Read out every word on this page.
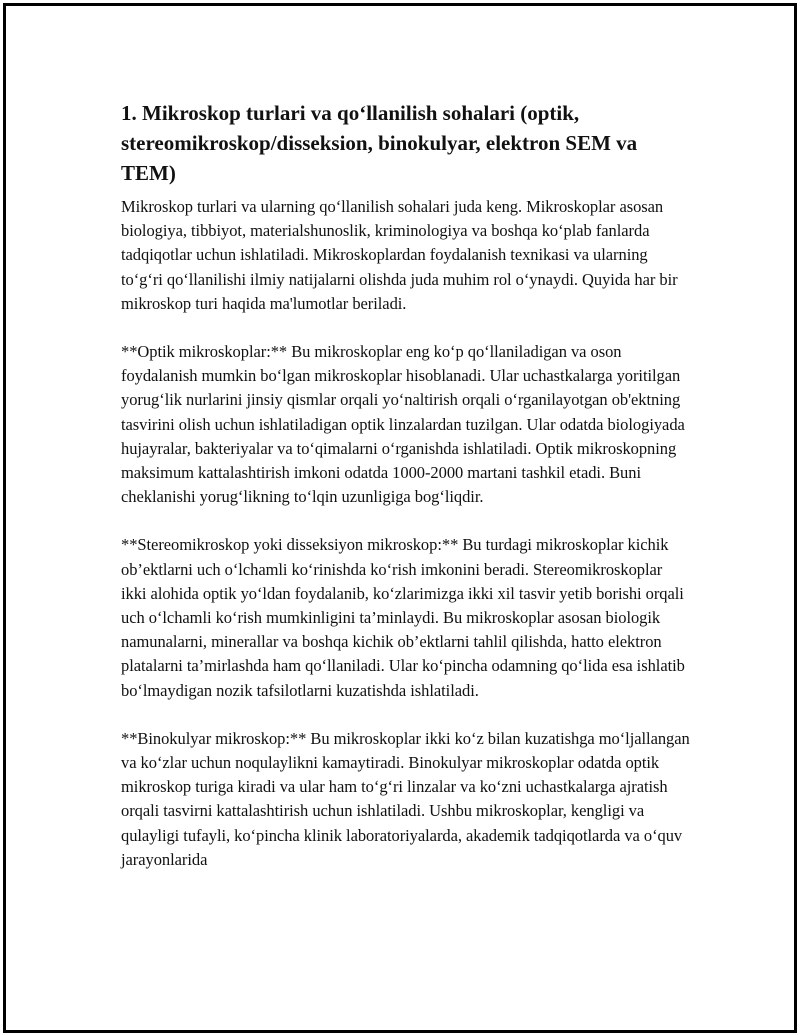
1. Mikroskop turlari va qo‘llanilish sohalari (optik, stereomikroskop/disseksion, binokulyar, elektron SEM va TEM)

Mikroskop turlari va ularning qo‘llanilish sohalari juda keng. Mikroskoplar asosan biologiya, tibbiyot, materialshunoslik, kriminologiya va boshqa ko‘plab fanlarda tadqiqotlar uchun ishlatiladi. Mikroskoplardan foydalanish texnikasi va ularning to‘g‘ri qo‘llanilishi ilmiy natijalarni olishda juda muhim rol o‘ynaydi. Quyida har bir mikroskop turi haqida ma'lumotlar beriladi.

**Optik mikroskoplar:** Bu mikroskoplar eng ko‘p qo‘llaniladigan va oson foydalanish mumkin bo‘lgan mikroskoplar hisoblanadi. Ular uchastkalarga yoritilgan yorug‘lik nurlarini jinsiy qismlar orqali yo‘naltirish orqali o‘rganilayotgan ob'ektning tasvirini olish uchun ishlatiladigan optik linzalardan tuzilgan. Ular odatda biologiyada hujayralar, bakteriyalar va to‘qimalarni o‘rganishda ishlatiladi. Optik mikroskopning maksimum kattalashtirish imkoni odatda 1000-2000 martani tashkil etadi. Buni cheklanishi yorug‘likning to‘lqin uzunligiga bog‘liqdir.

**Stereomikroskop yoki disseksiyon mikroskop:** Bu turdagi mikroskoplar kichik ob’ektlarni uch o‘lchamli ko‘rinishda ko‘rish imkonini beradi. Stereomikroskoplar ikki alohida optik yo‘ldan foydalanib, ko‘zlarimizga ikki xil tasvir yetib borishi orqali uch o‘lchamli ko‘rish mumkinligini ta’minlaydi. Bu mikroskoplar asosan biologik namunalarni, minerallar va boshqa kichik ob’ektlarni tahlil qilishda, hatto elektron platalarni ta’mirlashda ham qo‘llaniladi. Ular ko‘pincha odamning qo‘lida esa ishlatib bo‘lmaydigan nozik tafsilotlarni kuzatishda ishlatiladi.

**Binokulyar mikroskop:** Bu mikroskoplar ikki ko‘z bilan kuzatishga mo‘ljallangan va ko‘zlar uchun noqulaylikni kamaytiradi. Binokulyar mikroskoplar odatda optik mikroskop turiga kiradi va ular ham to‘g‘ri linzalar va ko‘zni uchastkalarga ajratish orqali tasvirni kattalashtirish uchun ishlatiladi. Ushbu mikroskoplar, kengligi va qulayligi tufayli, ko‘pincha klinik laboratoriyalarda, akademik tadqiqotlarda va o‘quv jarayonlarida
